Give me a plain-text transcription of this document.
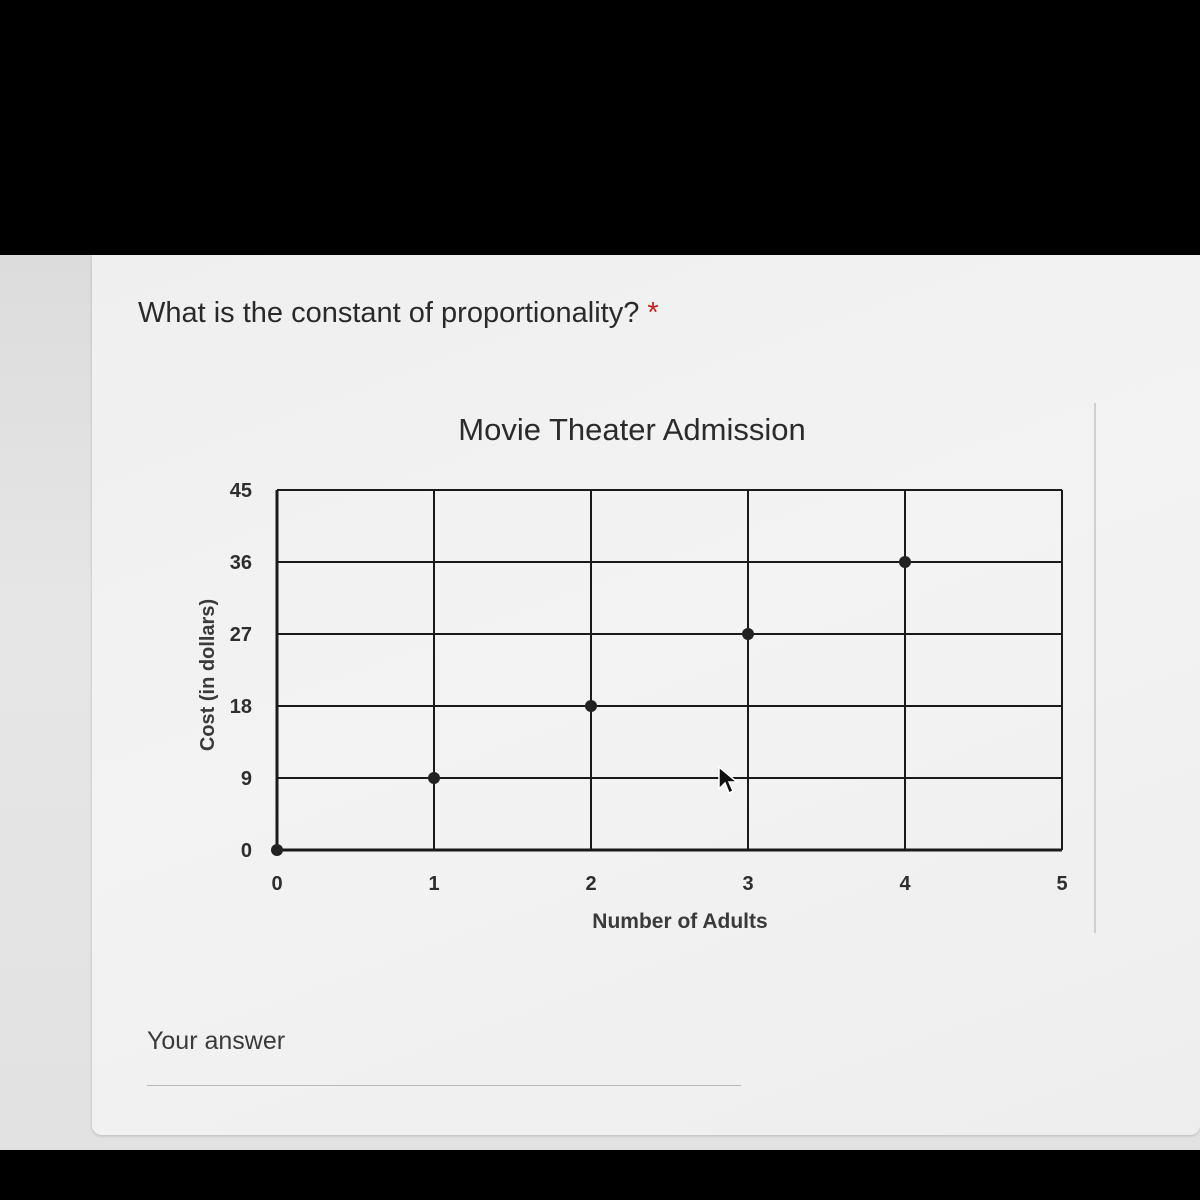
What is the constant of proportionality? *
Movie Theater Admission
Cost (in dollars)
Number of Adults
0	1	2	3	4	5
0
9
18
27
36
45
Your answer
